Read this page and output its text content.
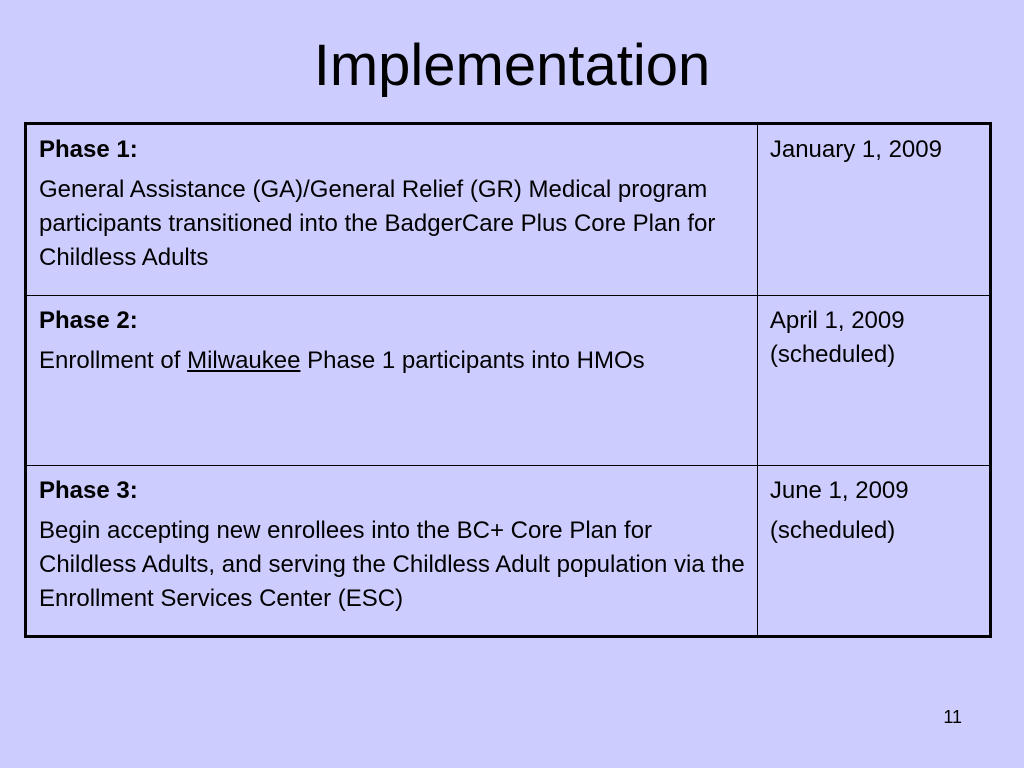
Implementation
Phase 1:
General Assistance (GA)/General Relief (GR) Medical program participants transitioned into the BadgerCare Plus Core Plan for Childless Adults	January 1, 2009

Phase 2:
Enrollment of Milwaukee Phase 1 participants into HMOs	April 1, 2009
(scheduled)

Phase 3:
Begin accepting new enrollees into the BC+ Core Plan for Childless Adults, and serving the Childless Adult population via the Enrollment Services Center (ESC)	June 1, 2009
(scheduled)
11
